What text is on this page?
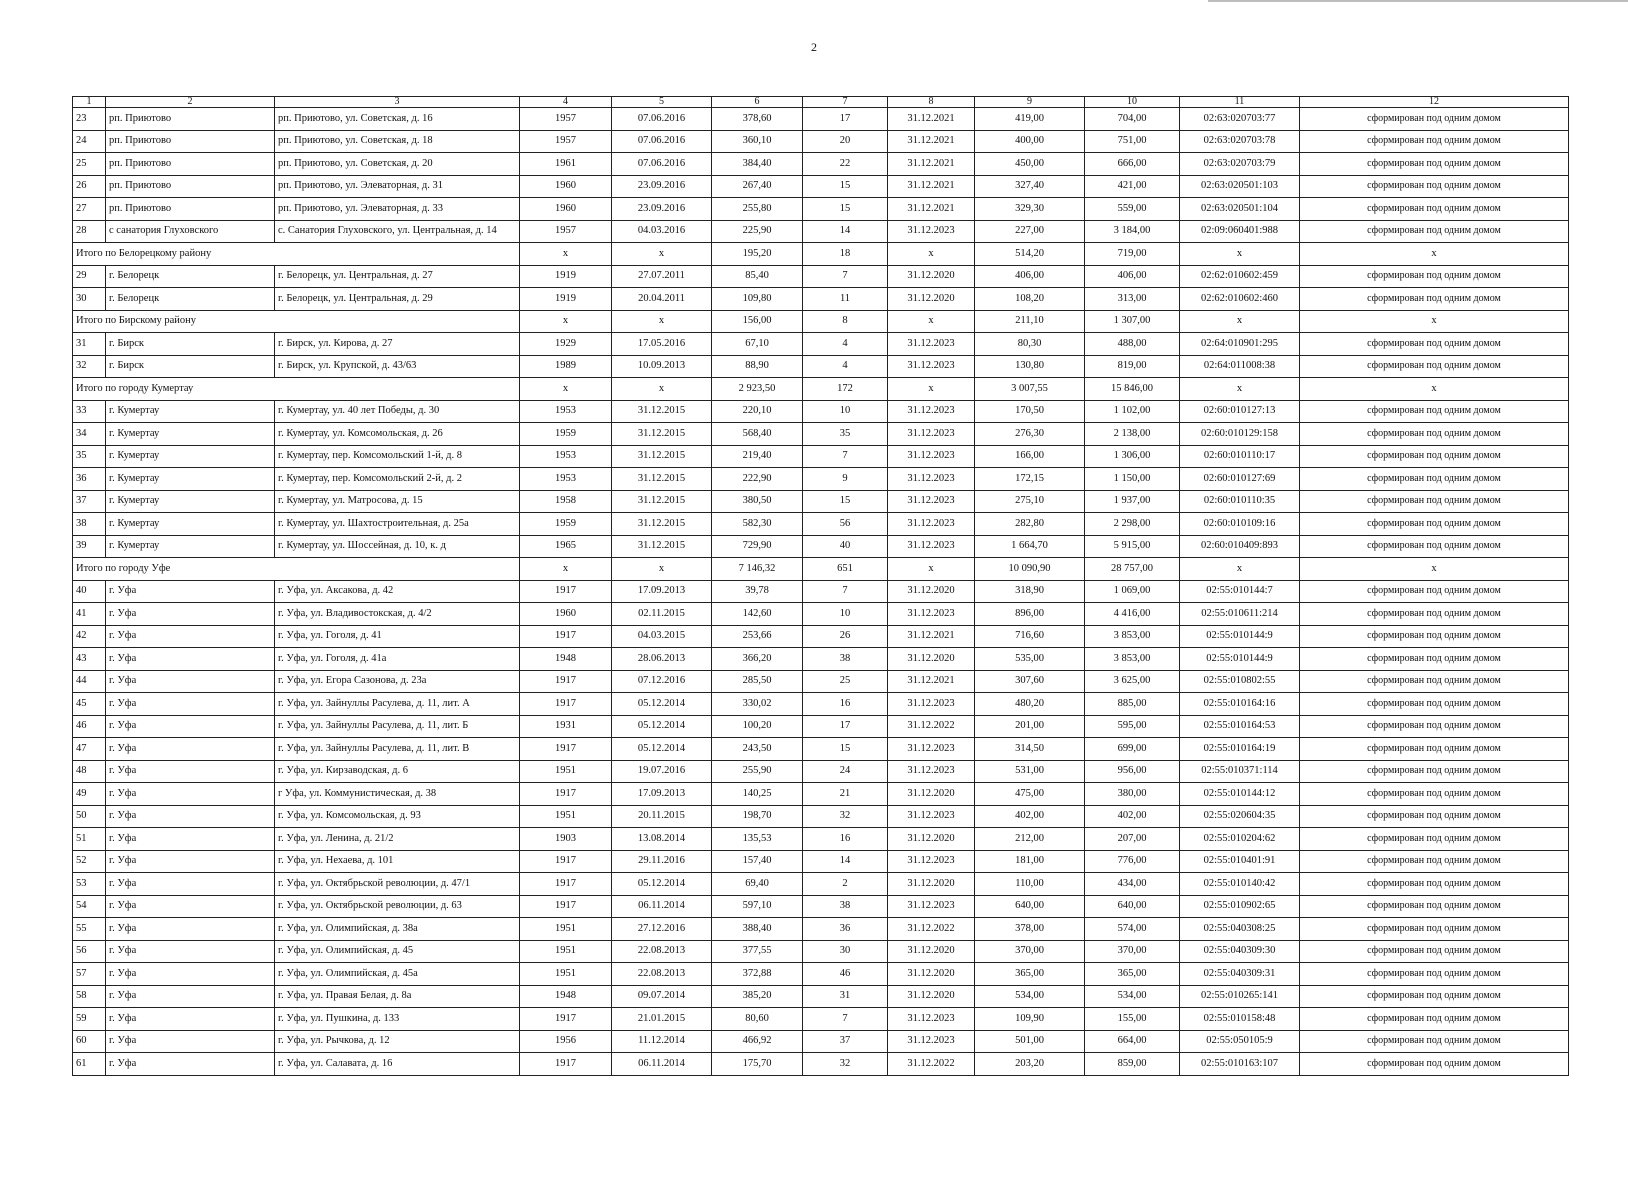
2
1	2	3	4	5	6	7	8	9	10	11	12
23	рп. Приютово	рп. Приютово, ул. Советская, д. 16	1957	07.06.2016	378,60	17	31.12.2021	419,00	704,00	02:63:020703:77	сформирован под одним домом
24	рп. Приютово	рп. Приютово, ул. Советская, д. 18	1957	07.06.2016	360,10	20	31.12.2021	400,00	751,00	02:63:020703:78	сформирован под одним домом
25	рп. Приютово	рп. Приютово, ул. Советская, д. 20	1961	07.06.2016	384,40	22	31.12.2021	450,00	666,00	02:63:020703:79	сформирован под одним домом
26	рп. Приютово	рп. Приютово, ул. Элеваторная, д. 31	1960	23.09.2016	267,40	15	31.12.2021	327,40	421,00	02:63:020501:103	сформирован под одним домом
27	рп. Приютово	рп. Приютово, ул. Элеваторная, д. 33	1960	23.09.2016	255,80	15	31.12.2021	329,30	559,00	02:63:020501:104	сформирован под одним домом
28	с санатория Глуховского	с. Санатория Глуховского, ул. Центральная, д. 14	1957	04.03.2016	225,90	14	31.12.2023	227,00	3 184,00	02:09:060401:988	сформирован под одним домом
Итого по Белорецкому району			x	x	195,20	18	x	514,20	719,00	x	x
29	г. Белорецк	г. Белорецк, ул. Центральная, д. 27	1919	27.07.2011	85,40	7	31.12.2020	406,00	406,00	02:62:010602:459	сформирован под одним домом
30	г. Белорецк	г. Белорецк, ул. Центральная, д. 29	1919	20.04.2011	109,80	11	31.12.2020	108,20	313,00	02:62:010602:460	сформирован под одним домом
Итого по Бирскому району			x	x	156,00	8	x	211,10	1 307,00	x	x
31	г. Бирск	г. Бирск, ул. Кирова, д. 27	1929	17.05.2016	67,10	4	31.12.2023	80,30	488,00	02:64:010901:295	сформирован под одним домом
32	г. Бирск	г. Бирск, ул. Крупской, д. 43/63	1989	10.09.2013	88,90	4	31.12.2023	130,80	819,00	02:64:011008:38	сформирован под одним домом
Итого по городу Кумертау			x	x	2 923,50	172	x	3 007,55	15 846,00	x	x
33	г. Кумертау	г. Кумертау, ул. 40 лет Победы, д. 30	1953	31.12.2015	220,10	10	31.12.2023	170,50	1 102,00	02:60:010127:13	сформирован под одним домом
34	г. Кумертау	г. Кумертау, ул. Комсомольская, д. 26	1959	31.12.2015	568,40	35	31.12.2023	276,30	2 138,00	02:60:010129:158	сформирован под одним домом
35	г. Кумертау	г. Кумертау, пер. Комсомольский 1-й, д. 8	1953	31.12.2015	219,40	7	31.12.2023	166,00	1 306,00	02:60:010110:17	сформирован под одним домом
36	г. Кумертау	г. Кумертау, пер. Комсомольский 2-й, д. 2	1953	31.12.2015	222,90	9	31.12.2023	172,15	1 150,00	02:60:010127:69	сформирован под одним домом
37	г. Кумертау	г. Кумертау, ул. Матросова, д. 15	1958	31.12.2015	380,50	15	31.12.2023	275,10	1 937,00	02:60:010110:35	сформирован под одним домом
38	г. Кумертау	г. Кумертау, ул. Шахтостроительная, д. 25а	1959	31.12.2015	582,30	56	31.12.2023	282,80	2 298,00	02:60:010109:16	сформирован под одним домом
39	г. Кумертау	г. Кумертау, ул. Шоссейная, д. 10, к. д	1965	31.12.2015	729,90	40	31.12.2023	1 664,70	5 915,00	02:60:010409:893	сформирован под одним домом
Итого по городу Уфе			x	x	7 146,32	651	x	10 090,90	28 757,00	x	x
40	г. Уфа	г. Уфа, ул. Аксакова, д. 42	1917	17.09.2013	39,78	7	31.12.2020	318,90	1 069,00	02:55:010144:7	сформирован под одним домом
41	г. Уфа	г. Уфа, ул. Владивостокская, д. 4/2	1960	02.11.2015	142,60	10	31.12.2023	896,00	4 416,00	02:55:010611:214	сформирован под одним домом
42	г. Уфа	г. Уфа, ул. Гоголя, д. 41	1917	04.03.2015	253,66	26	31.12.2021	716,60	3 853,00	02:55:010144:9	сформирован под одним домом
43	г. Уфа	г. Уфа, ул. Гоголя, д. 41а	1948	28.06.2013	366,20	38	31.12.2020	535,00	3 853,00	02:55:010144:9	сформирован под одним домом
44	г. Уфа	г. Уфа, ул. Егора Сазонова, д. 23а	1917	07.12.2016	285,50	25	31.12.2021	307,60	3 625,00	02:55:010802:55	сформирован под одним домом
45	г. Уфа	г. Уфа, ул. Зайнуллы Расулева, д. 11, лит. А	1917	05.12.2014	330,02	16	31.12.2023	480,20	885,00	02:55:010164:16	сформирован под одним домом
46	г. Уфа	г. Уфа, ул. Зайнуллы Расулева, д. 11, лит. Б	1931	05.12.2014	100,20	17	31.12.2022	201,00	595,00	02:55:010164:53	сформирован под одним домом
47	г. Уфа	г. Уфа, ул. Зайнуллы Расулева, д. 11, лит. В	1917	05.12.2014	243,50	15	31.12.2023	314,50	699,00	02:55:010164:19	сформирован под одним домом
48	г. Уфа	г. Уфа, ул. Кирзаводская, д. 6	1951	19.07.2016	255,90	24	31.12.2023	531,00	956,00	02:55:010371:114	сформирован под одним домом
49	г. Уфа	г Уфа, ул. Коммунистическая, д. 38	1917	17.09.2013	140,25	21	31.12.2020	475,00	380,00	02:55:010144:12	сформирован под одним домом
50	г. Уфа	г. Уфа, ул. Комсомольская, д. 93	1951	20.11.2015	198,70	32	31.12.2023	402,00	402,00	02:55:020604:35	сформирован под одним домом
51	г. Уфа	г. Уфа, ул. Ленина, д. 21/2	1903	13.08.2014	135,53	16	31.12.2020	212,00	207,00	02:55:010204:62	сформирован под одним домом
52	г. Уфа	г. Уфа, ул. Нехаева, д. 101	1917	29.11.2016	157,40	14	31.12.2023	181,00	776,00	02:55:010401:91	сформирован под одним домом
53	г. Уфа	г. Уфа, ул. Октябрьской революции, д. 47/1	1917	05.12.2014	69,40	2	31.12.2020	110,00	434,00	02:55:010140:42	сформирован под одним домом
54	г. Уфа	г. Уфа, ул. Октябрьской революции, д. 63	1917	06.11.2014	597,10	38	31.12.2023	640,00	640,00	02:55:010902:65	сформирован под одним домом
55	г. Уфа	г. Уфа, ул. Олимпийская, д. 38а	1951	27.12.2016	388,40	36	31.12.2022	378,00	574,00	02:55:040308:25	сформирован под одним домом
56	г. Уфа	г. Уфа, ул. Олимпийская, д. 45	1951	22.08.2013	377,55	30	31.12.2020	370,00	370,00	02:55:040309:30	сформирован под одним домом
57	г. Уфа	г. Уфа, ул. Олимпийская, д. 45а	1951	22.08.2013	372,88	46	31.12.2020	365,00	365,00	02:55:040309:31	сформирован под одним домом
58	г. Уфа	г. Уфа, ул. Правая Белая, д. 8а	1948	09.07.2014	385,20	31	31.12.2020	534,00	534,00	02:55:010265:141	сформирован под одним домом
59	г. Уфа	г. Уфа, ул. Пушкина, д. 133	1917	21.01.2015	80,60	7	31.12.2023	109,90	155,00	02:55:010158:48	сформирован под одним домом
60	г. Уфа	г. Уфа, ул. Рычкова, д. 12	1956	11.12.2014	466,92	37	31.12.2023	501,00	664,00	02:55:050105:9	сформирован под одним домом
61	г. Уфа	г. Уфа, ул. Салавата, д. 16	1917	06.11.2014	175,70	32	31.12.2022	203,20	859,00	02:55:010163:107	сформирован под одним домом
